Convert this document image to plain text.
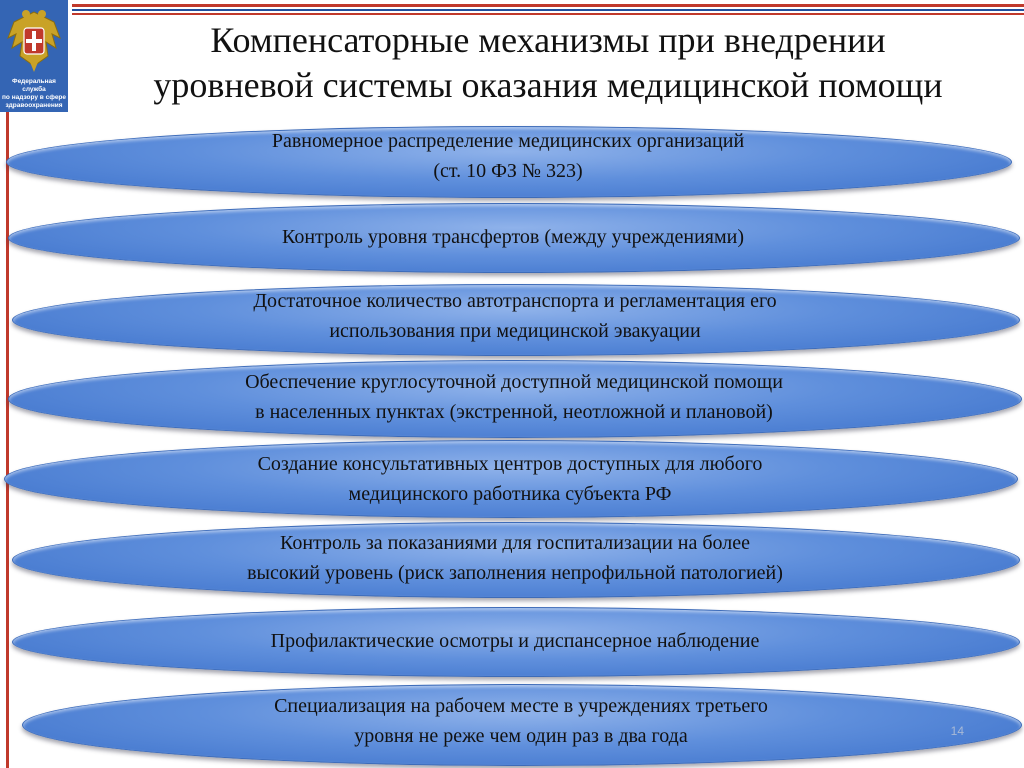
Федеральная служба
по надзору в сфере
здравоохранения
Компенсаторные механизмы при внедрении
уровневой системы оказания медицинской помощи
Равномерное распределение медицинских организаций
(ст. 10 ФЗ № 323)
Контроль уровня трансфертов (между учреждениями)
Достаточное количество автотранспорта и регламентация его
использования при медицинской эвакуации
Обеспечение круглосуточной доступной медицинской помощи
в населенных пунктах (экстренной, неотложной и плановой)
Создание консультативных центров доступных для любого
медицинского работника субъекта РФ
Контроль за показаниями для госпитализации на более
высокий уровень (риск заполнения непрофильной патологией)
Профилактические осмотры и диспансерное наблюдение
Специализация на рабочем месте в учреждениях третьего
уровня не реже чем один раз в два года	14
